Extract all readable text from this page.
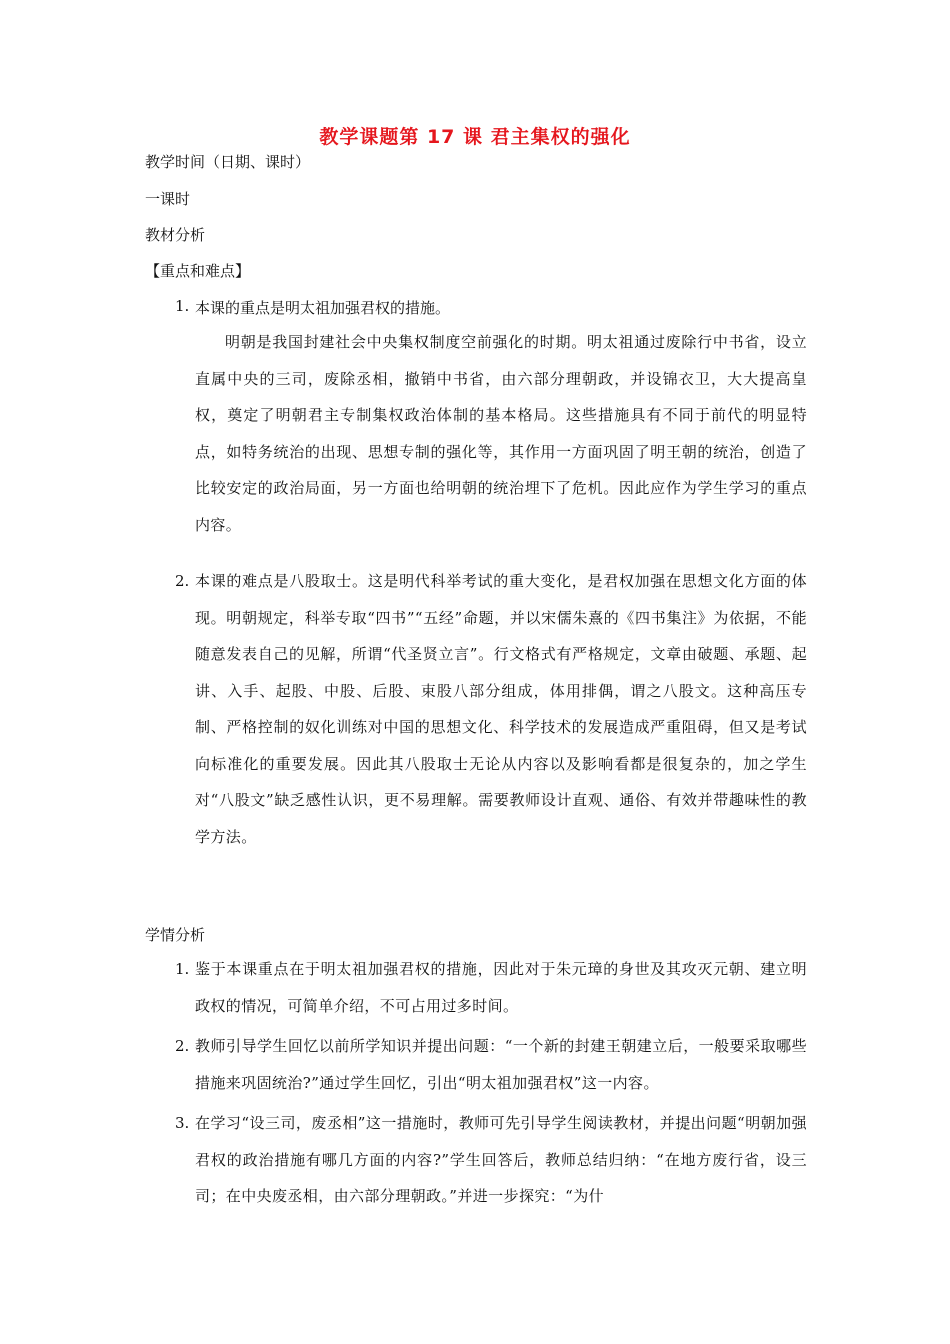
教学课题第 17 课 君主集权的强化
教学时间（日期、课时）
一课时
教材分析
【重点和难点】
1. 本课的重点是明太祖加强君权的措施。
明朝是我国封建社会中央集权制度空前强化的时期。明太祖通过废除行中书省，设立直属中央的三司，废除丞相，撤销中书省，由六部分理朝政，并设锦衣卫，大大提高皇权，奠定了明朝君主专制集权政治体制的基本格局。这些措施具有不同于前代的明显特点，如特务统治的出现、思想专制的强化等，其作用一方面巩固了明王朝的统治，创造了比较安定的政治局面，另一方面也给明朝的统治埋下了危机。因此应作为学生学习的重点内容。
2. 本课的难点是八股取士。这是明代科举考试的重大变化，是君权加强在思想文化方面的体现。明朝规定，科举专取“四书”“五经”命题，并以宋儒朱熹的《四书集注》为依据，不能随意发表自己的见解，所谓“代圣贤立言”。行文格式有严格规定，文章由破题、承题、起讲、入手、起股、中股、后股、束股八部分组成，体用排偶，谓之八股文。这种高压专制、严格控制的奴化训练对中国的思想文化、科学技术的发展造成严重阻碍，但又是考试向标准化的重要发展。因此其八股取士无论从内容以及影响看都是很复杂的，加之学生对“八股文”缺乏感性认识，更不易理解。需要教师设计直观、通俗、有效并带趣味性的教学方法。
学情分析
1. 鉴于本课重点在于明太祖加强君权的措施，因此对于朱元璋的身世及其攻灭元朝、建立明政权的情况，可简单介绍，不可占用过多时间。
2. 教师引导学生回忆以前所学知识并提出问题：“一个新的封建王朝建立后，一般要采取哪些措施来巩固统治?”通过学生回忆，引出“明太祖加强君权”这一内容。
3. 在学习“设三司，废丞相”这一措施时，教师可先引导学生阅读教材，并提出问题“明朝加强君权的政治措施有哪几方面的内容?”学生回答后，教师总结归纳：“在地方废行省，设三司；在中央废丞相，由六部分理朝政。”并进一步探究：“为什
